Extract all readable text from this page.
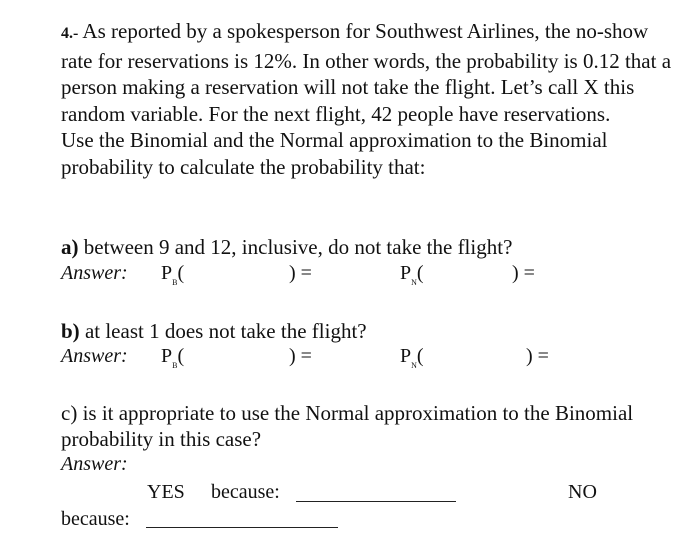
4.- As reported by a spokesperson for Southwest Airlines, the no-show rate for reservations is 12%. In other words, the probability is 0.12 that a person making a reservation will not take the flight. Let’s call X this random variable. For the next flight, 42 people have reservations.

Use the Binomial and the Normal approximation to the Binomial probability to calculate the probability that:

a) between 9 and 12, inclusive, do not take the flight?
Answer: $P_B$(	) =	$P_N$(	) =
b) at least 1 does not take the flight?
Answer: $P_B$(	) =	$P_N$(	) =
c) is it appropriate to use the Normal approximation to the Binomial probability in this case?
Answer:
YES because:	NO
because:
